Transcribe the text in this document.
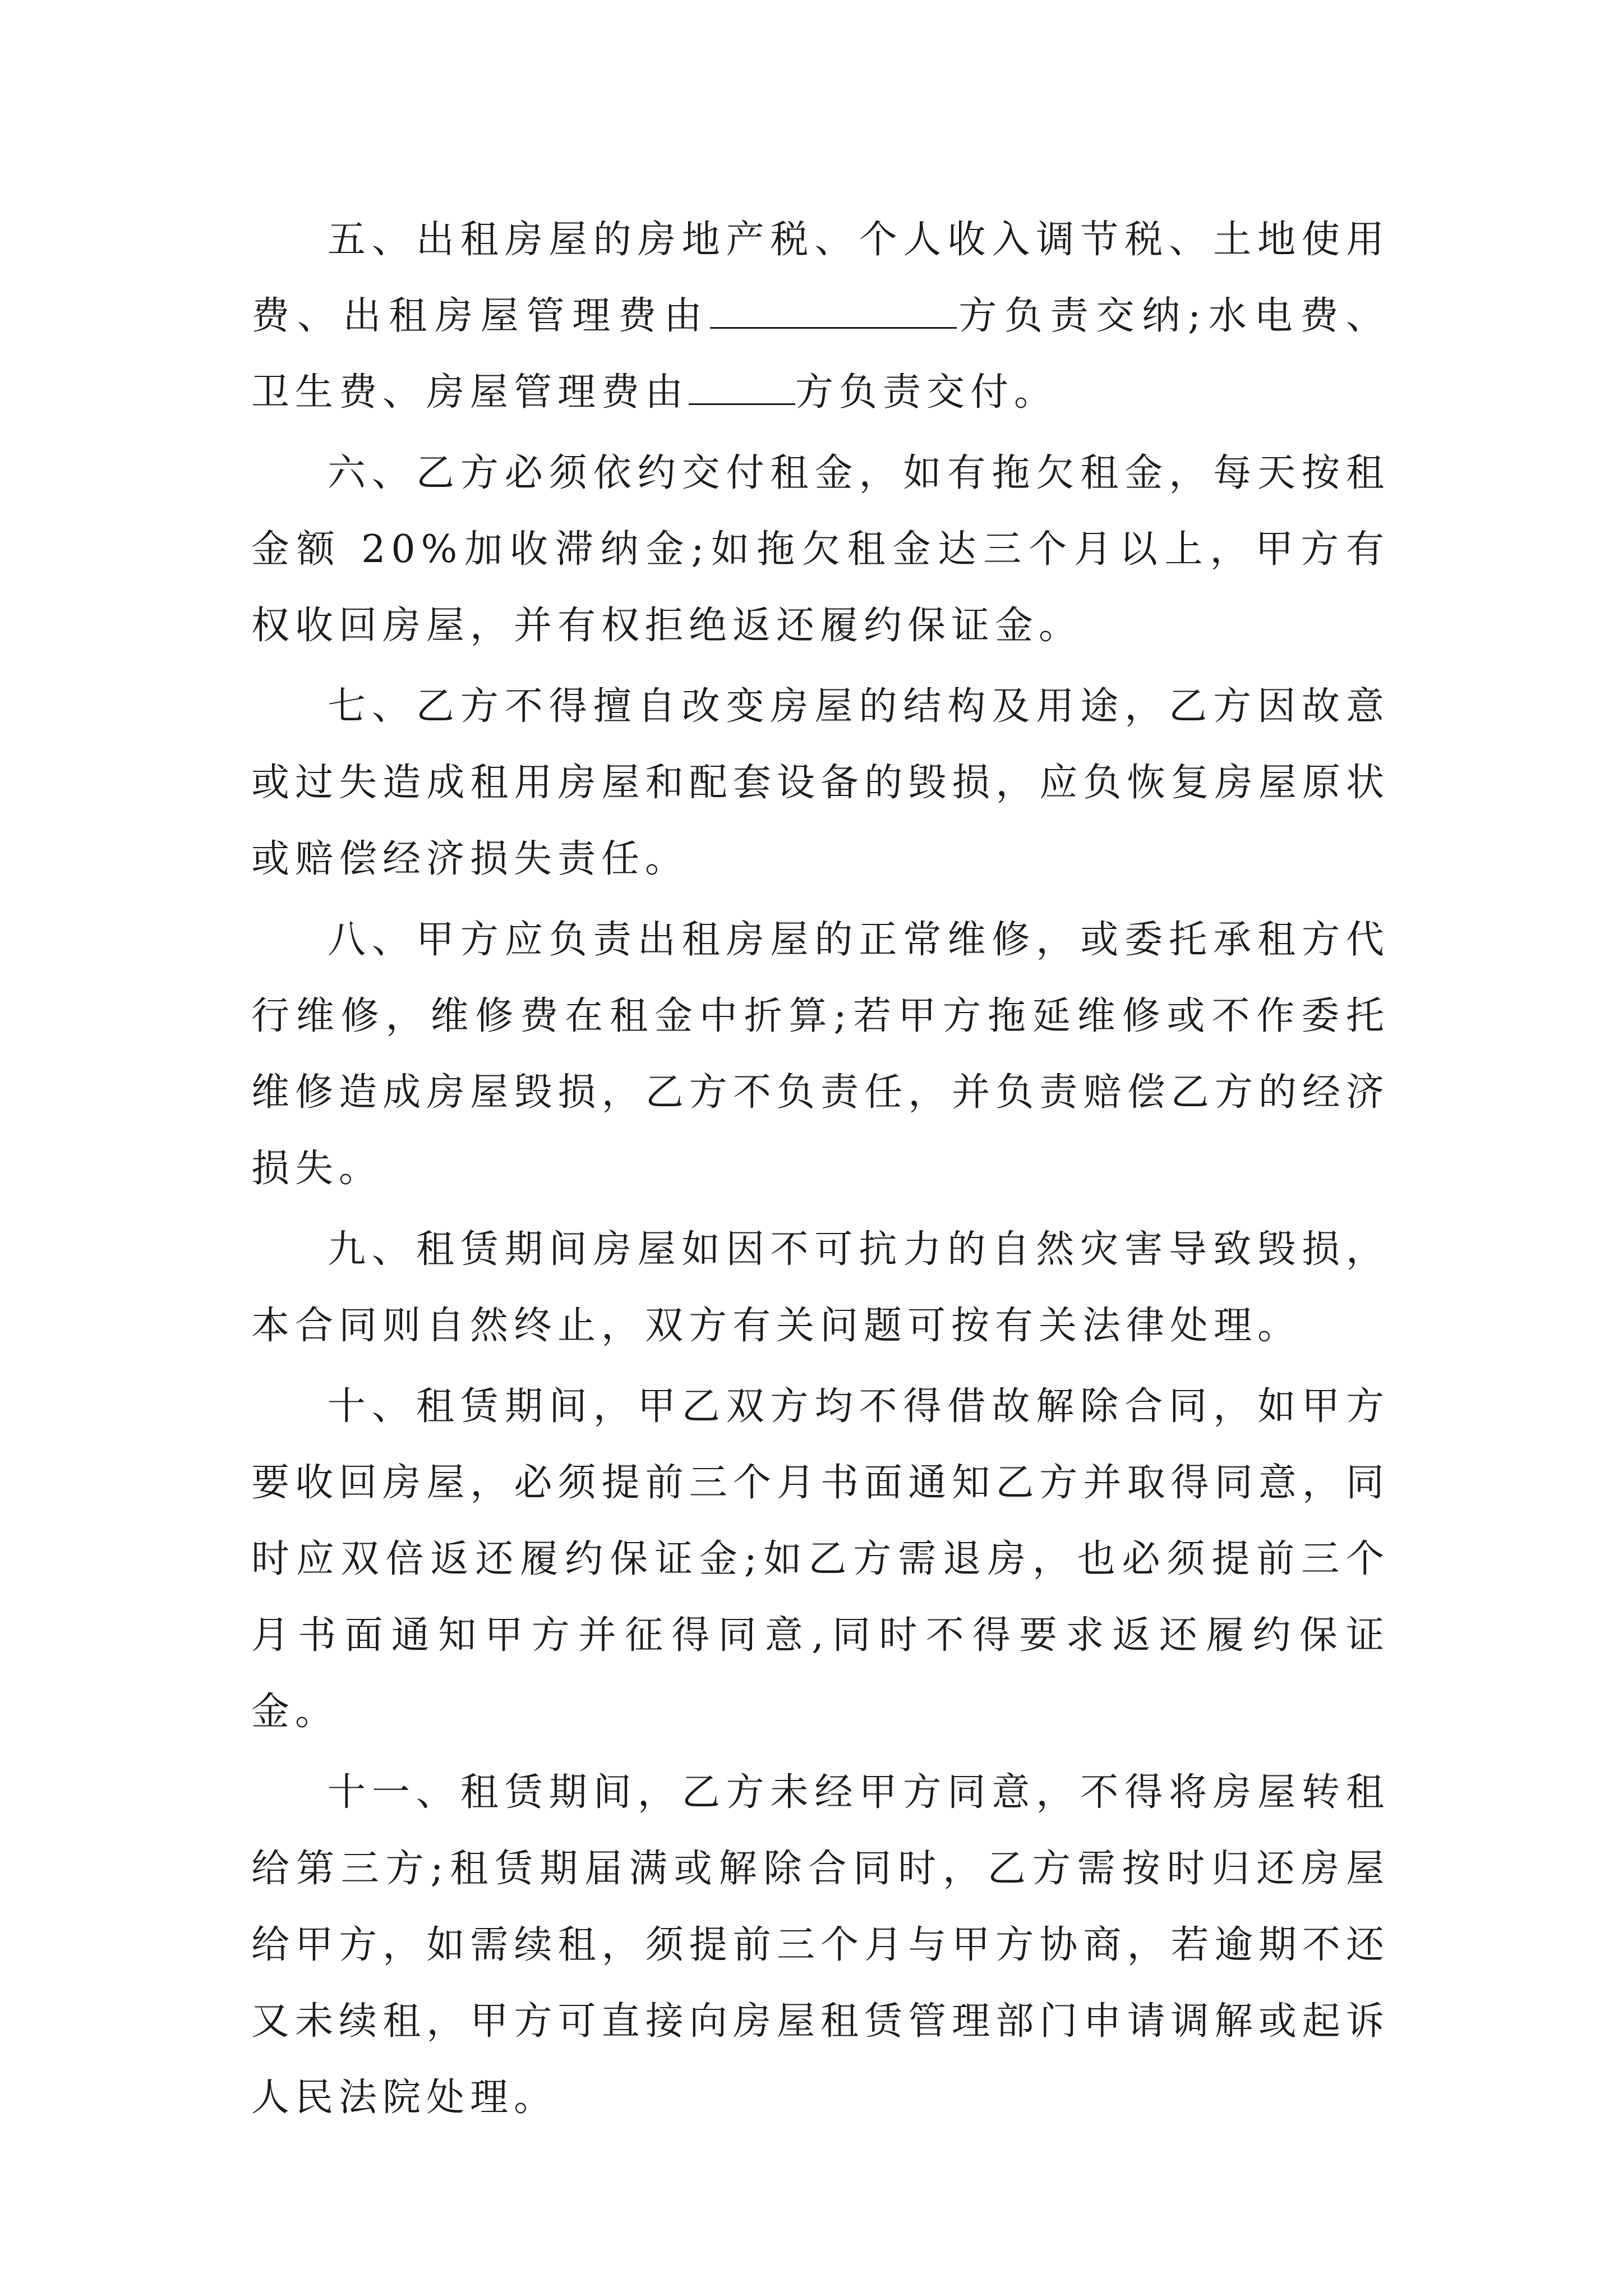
五、出租房屋的房地产税、个人收入调节税、土地使用费、出租房屋管理费由	方负责交纳;水电费、卫生费、房屋管理费由	方负责交付。

六、乙方必须依约交付租金，如有拖欠租金，每天按租金额 20%加收滞纳金;如拖欠租金达三个月以上，甲方有权收回房屋，并有权拒绝返还履约保证金。

七、乙方不得擅自改变房屋的结构及用途，乙方因故意或过失造成租用房屋和配套设备的毁损，应负恢复房屋原状或赔偿经济损失责任。

八、甲方应负责出租房屋的正常维修，或委托承租方代行维修，维修费在租金中折算;若甲方拖延维修或不作委托维修造成房屋毁损，乙方不负责任，并负责赔偿乙方的经济损失。

九、租赁期间房屋如因不可抗力的自然灾害导致毁损，本合同则自然终止，双方有关问题可按有关法律处理。

十、租赁期间，甲乙双方均不得借故解除合同，如甲方要收回房屋，必须提前三个月书面通知乙方并取得同意，同时应双倍返还履约保证金;如乙方需退房，也必须提前三个月书面通知甲方并征得同意,同时不得要求返还履约保证金。

十一、租赁期间，乙方未经甲方同意，不得将房屋转租给第三方;租赁期届满或解除合同时，乙方需按时归还房屋给甲方，如需续租，须提前三个月与甲方协商，若逾期不还又未续租，甲方可直接向房屋租赁管理部门申请调解或起诉人民法院处理。
